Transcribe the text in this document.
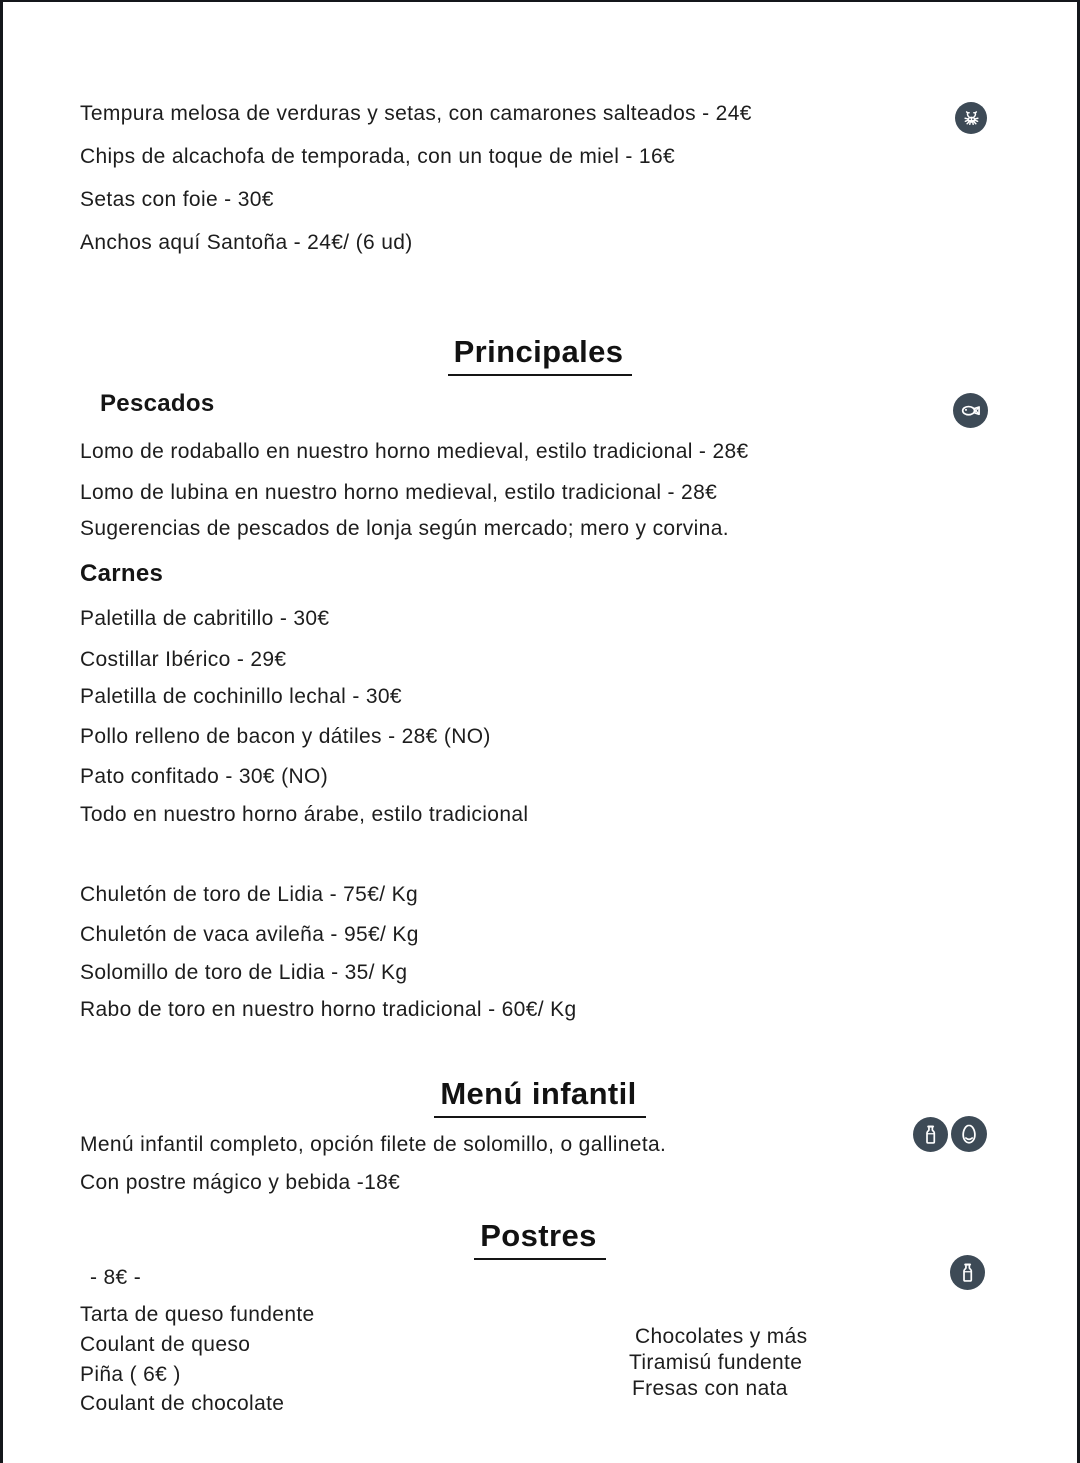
Tempura melosa de verduras y setas, con camarones salteados - 24€
Chips de alcachofa de temporada, con un toque de miel - 16€
Setas con foie - 30€
Anchos aquí Santoña - 24€/ (6 ud)
Principales
Pescados
Lomo de rodaballo en nuestro horno medieval, estilo tradicional - 28€
Lomo de lubina en nuestro horno medieval, estilo tradicional - 28€
Sugerencias de pescados de lonja según mercado; mero y corvina.
Carnes
Paletilla de cabritillo - 30€
Costillar Ibérico - 29€
Paletilla de cochinillo lechal - 30€
Pollo relleno de bacon y dátiles - 28€ (NO)
Pato confitado - 30€ (NO)
Todo en nuestro horno árabe, estilo tradicional
Chuletón de toro de Lidia - 75€/ Kg
Chuletón de vaca avileña - 95€/ Kg
Solomillo de toro de Lidia - 35/ Kg
Rabo de toro en nuestro horno tradicional - 60€/ Kg
Menú infantil
Menú infantil completo, opción filete de solomillo, o gallineta.
Con postre mágico y bebida -18€
Postres
- 8€ -
Tarta de queso fundente
Coulant de queso
Piña ( 6€ )
Coulant de chocolate
Chocolates y más
Tiramisú fundente
Fresas con nata
